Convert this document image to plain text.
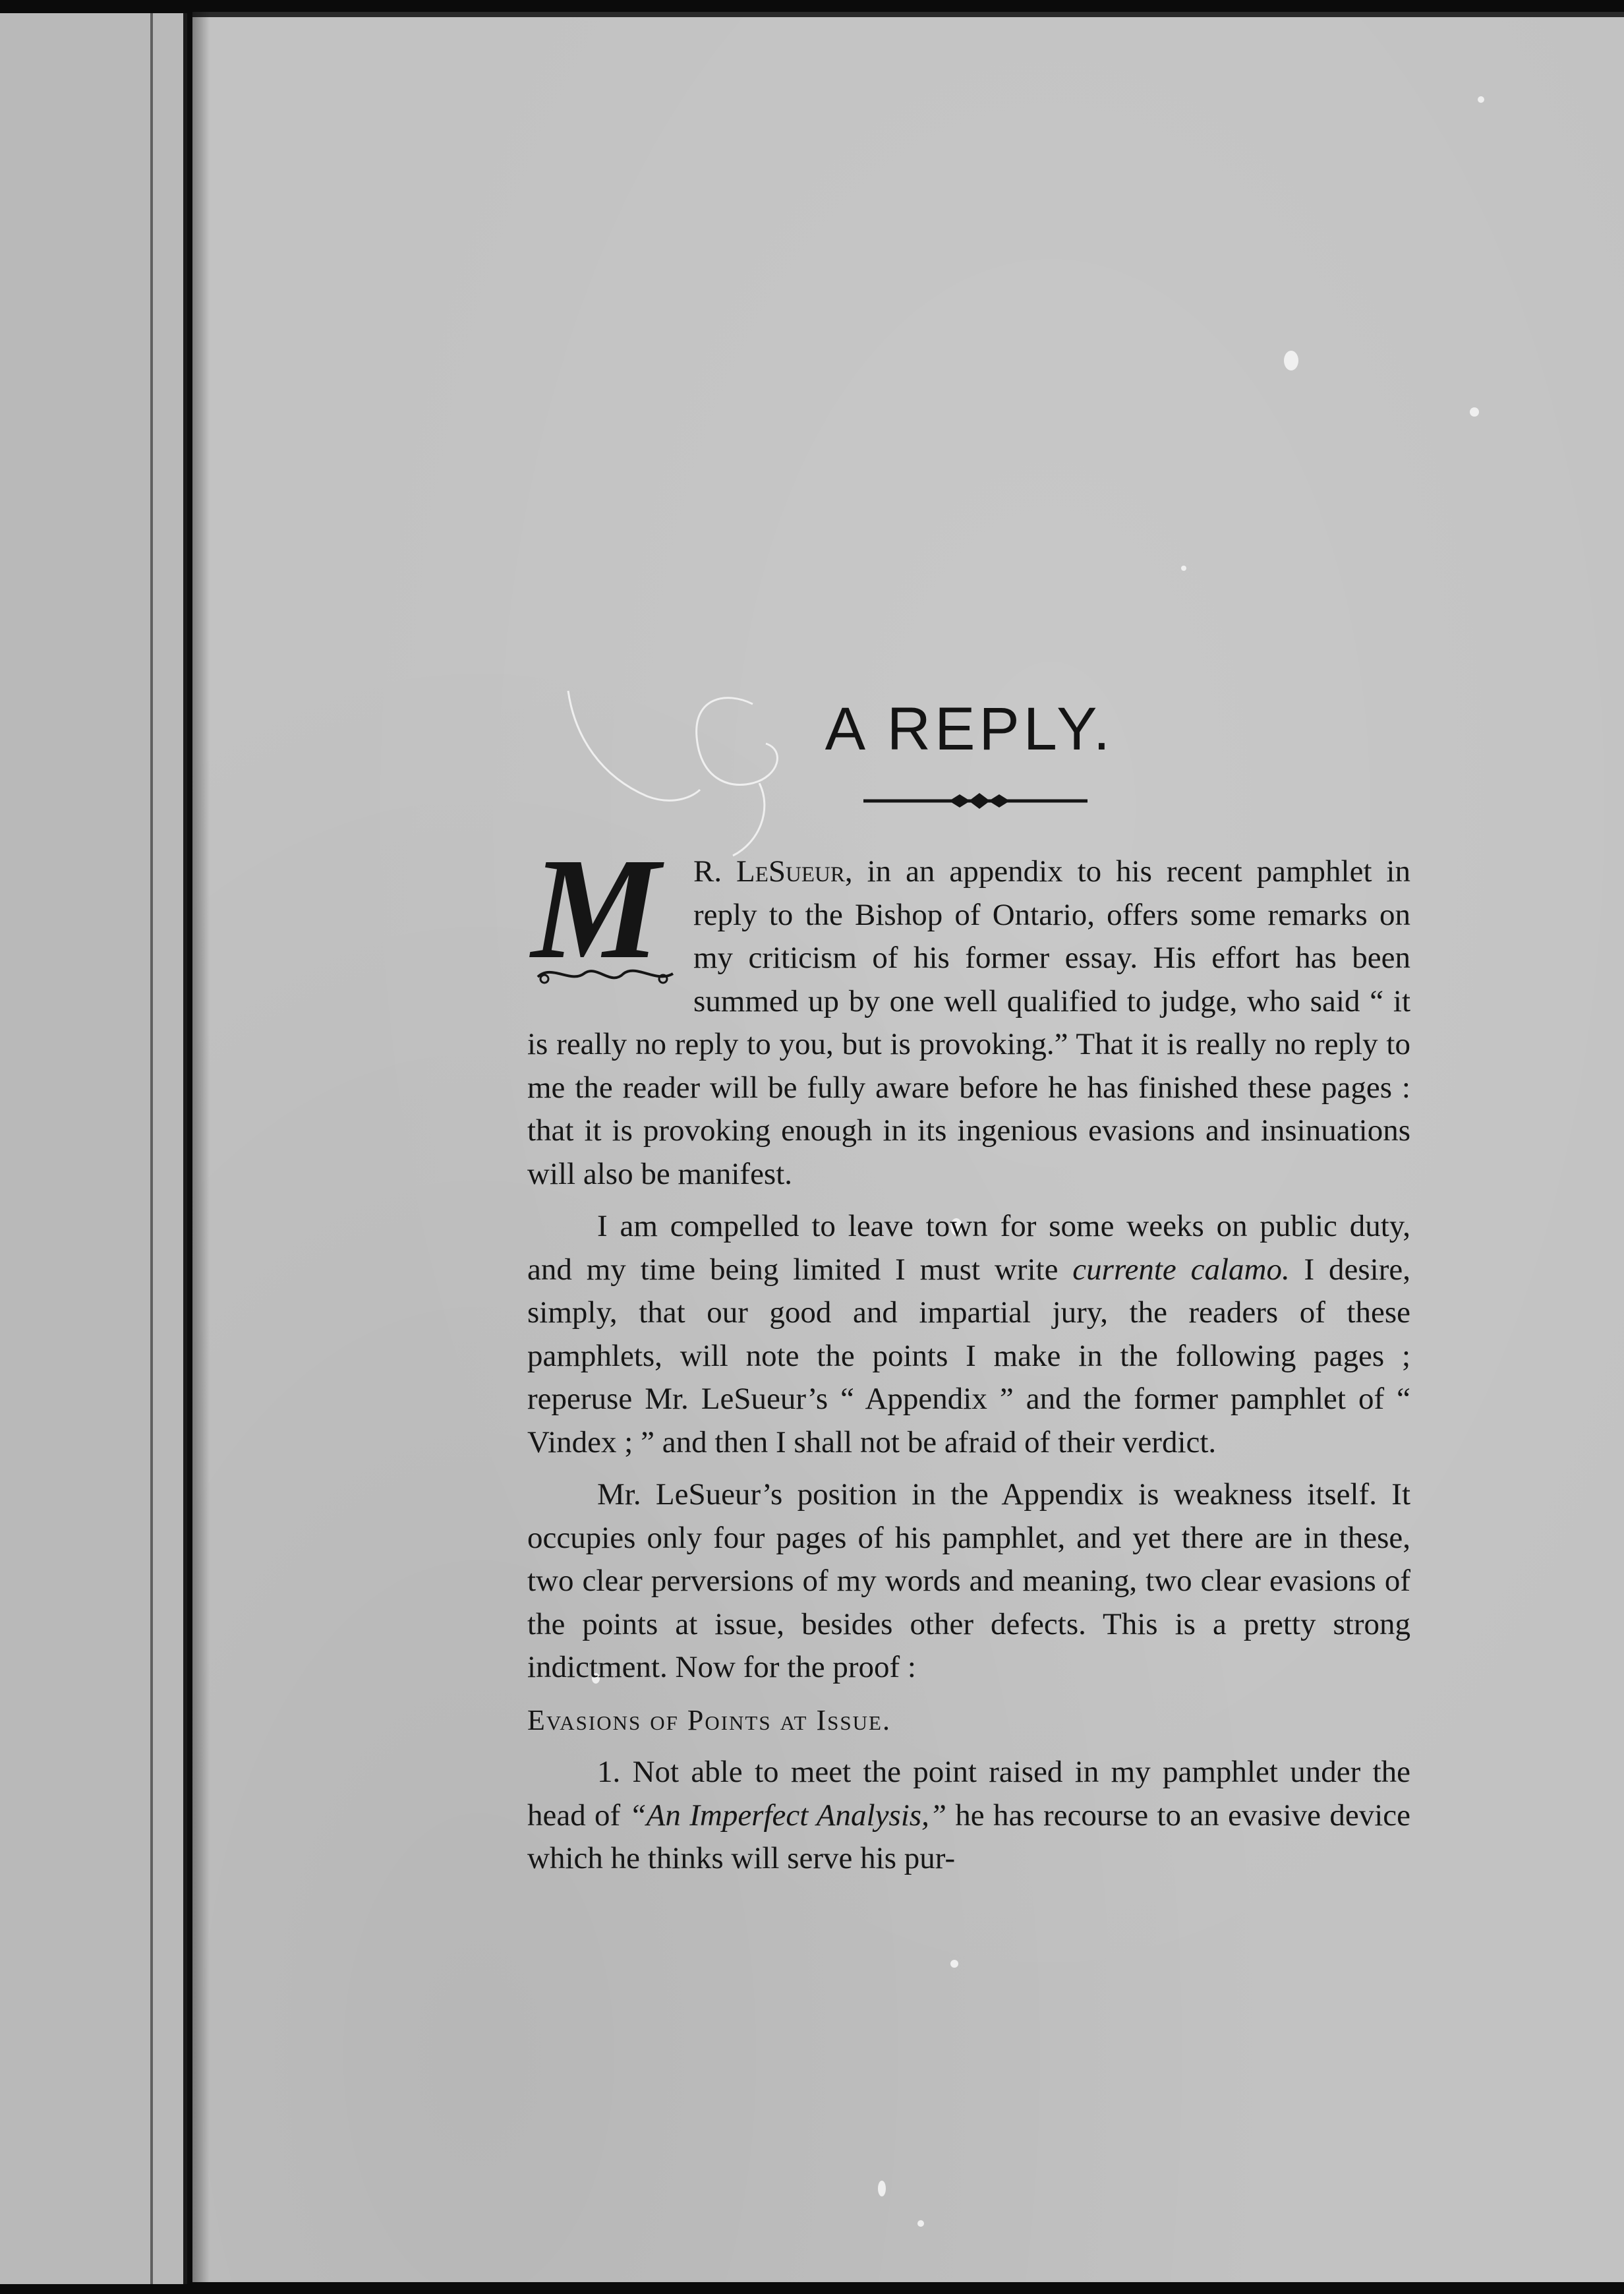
A REPLY.

M R. LeSueur, in an appendix to his recent pamphlet in reply to the Bishop of Ontario, offers some remarks on my criticism of his former essay. His effort has been summed up by one well qualified to judge, who said “ it is really no reply to you, but is provoking.” That it is really no reply to me the reader will be fully aware before he has finished these pages : that it is provoking enough in its ingenious evasions and insinuations will also be manifest.

I am compelled to leave town for some weeks on public duty, and my time being limited I must write currente calamo. I desire, simply, that our good and impartial jury, the readers of these pamphlets, will note the points I make in the following pages ; reperuse Mr. LeSueur’s “ Appendix ” and the former pamphlet of “ Vindex ; ” and then I shall not be afraid of their verdict.

Mr. LeSueur’s position in the Appendix is weakness itself. It occupies only four pages of his pamphlet, and yet there are in these, two clear perversions of my words and meaning, two clear evasions of the points at issue, besides other defects. This is a pretty strong indictment. Now for the proof :

Evasions of Points at Issue.

1. Not able to meet the point raised in my pamphlet under the head of “An Imperfect Analysis,” he has recourse to an evasive device which he thinks will serve his pur-
